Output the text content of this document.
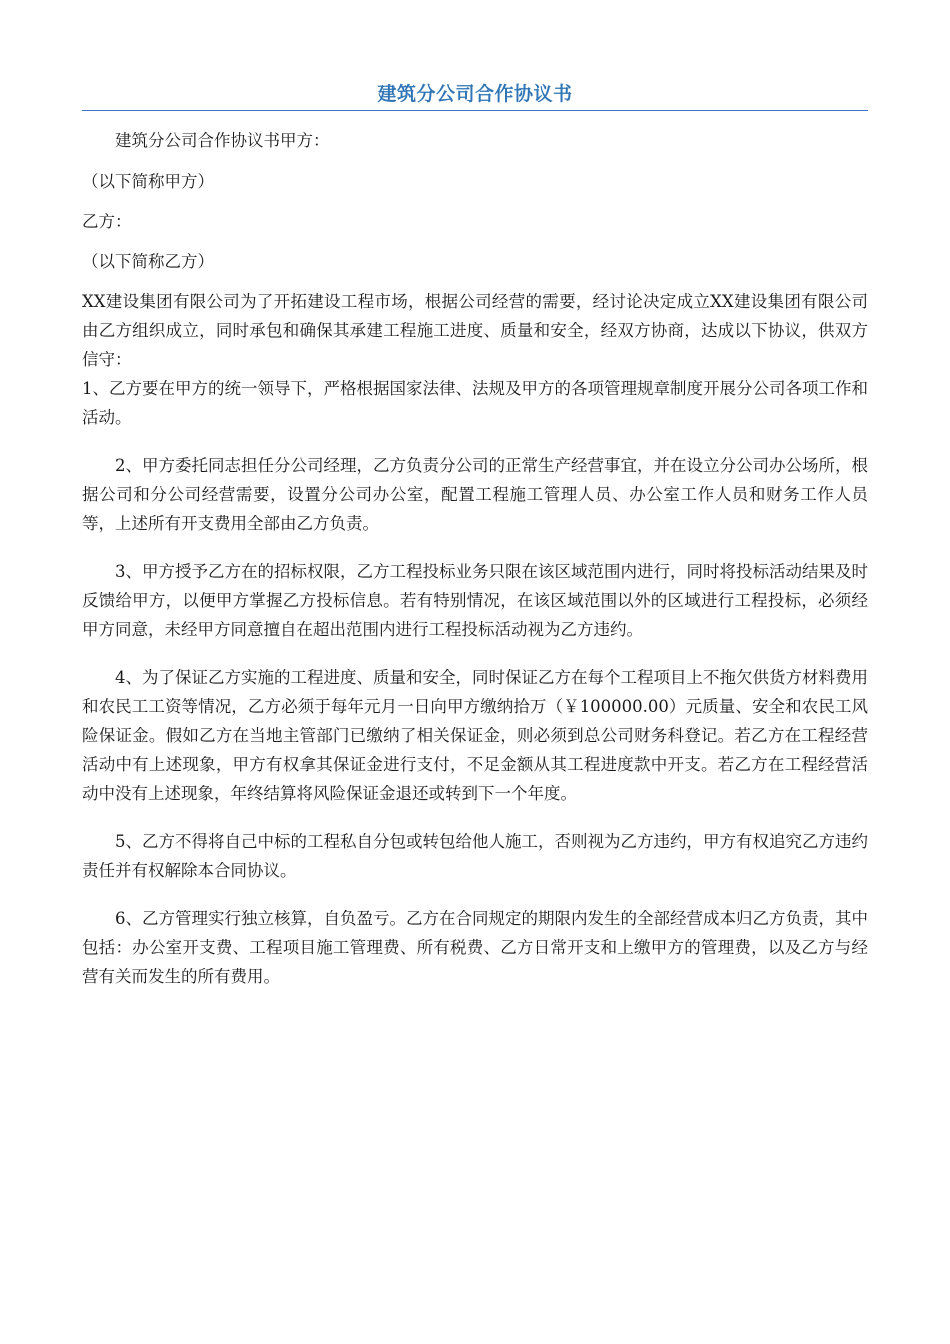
建筑分公司合作协议书

建筑分公司合作协议书甲方：

（以下简称甲方）

乙方：

（以下简称乙方）

XX建设集团有限公司为了开拓建设工程市场，根据公司经营的需要，经讨论决定成立XX建设集团有限公司由乙方组织成立，同时承包和确保其承建工程施工进度、质量和安全，经双方协商，达成以下协议，供双方信守：

1、乙方要在甲方的统一领导下，严格根据国家法律、法规及甲方的各项管理规章制度开展分公司各项工作和活动。

2、甲方委托同志担任分公司经理，乙方负责分公司的正常生产经营事宜，并在设立分公司办公场所，根据公司和分公司经营需要，设置分公司办公室，配置工程施工管理人员、办公室工作人员和财务工作人员等，上述所有开支费用全部由乙方负责。

3、甲方授予乙方在的招标权限，乙方工程投标业务只限在该区域范围内进行，同时将投标活动结果及时反馈给甲方，以便甲方掌握乙方投标信息。若有特别情况，在该区域范围以外的区域进行工程投标，必须经甲方同意，未经甲方同意擅自在超出范围内进行工程投标活动视为乙方违约。

4、为了保证乙方实施的工程进度、质量和安全，同时保证乙方在每个工程项目上不拖欠供货方材料费用和农民工工资等情况，乙方必须于每年元月一日向甲方缴纳拾万（￥100000.00）元质量、安全和农民工风险保证金。假如乙方在当地主管部门已缴纳了相关保证金，则必须到总公司财务科登记。若乙方在工程经营活动中有上述现象，甲方有权拿其保证金进行支付，不足金额从其工程进度款中开支。若乙方在工程经营活动中没有上述现象，年终结算将风险保证金退还或转到下一个年度。

5、乙方不得将自己中标的工程私自分包或转包给他人施工，否则视为乙方违约，甲方有权追究乙方违约责任并有权解除本合同协议。

6、乙方管理实行独立核算，自负盈亏。乙方在合同规定的期限内发生的全部经营成本归乙方负责，其中包括：办公室开支费、工程项目施工管理费、所有税费、乙方日常开支和上缴甲方的管理费，以及乙方与经营有关而发生的所有费用。
